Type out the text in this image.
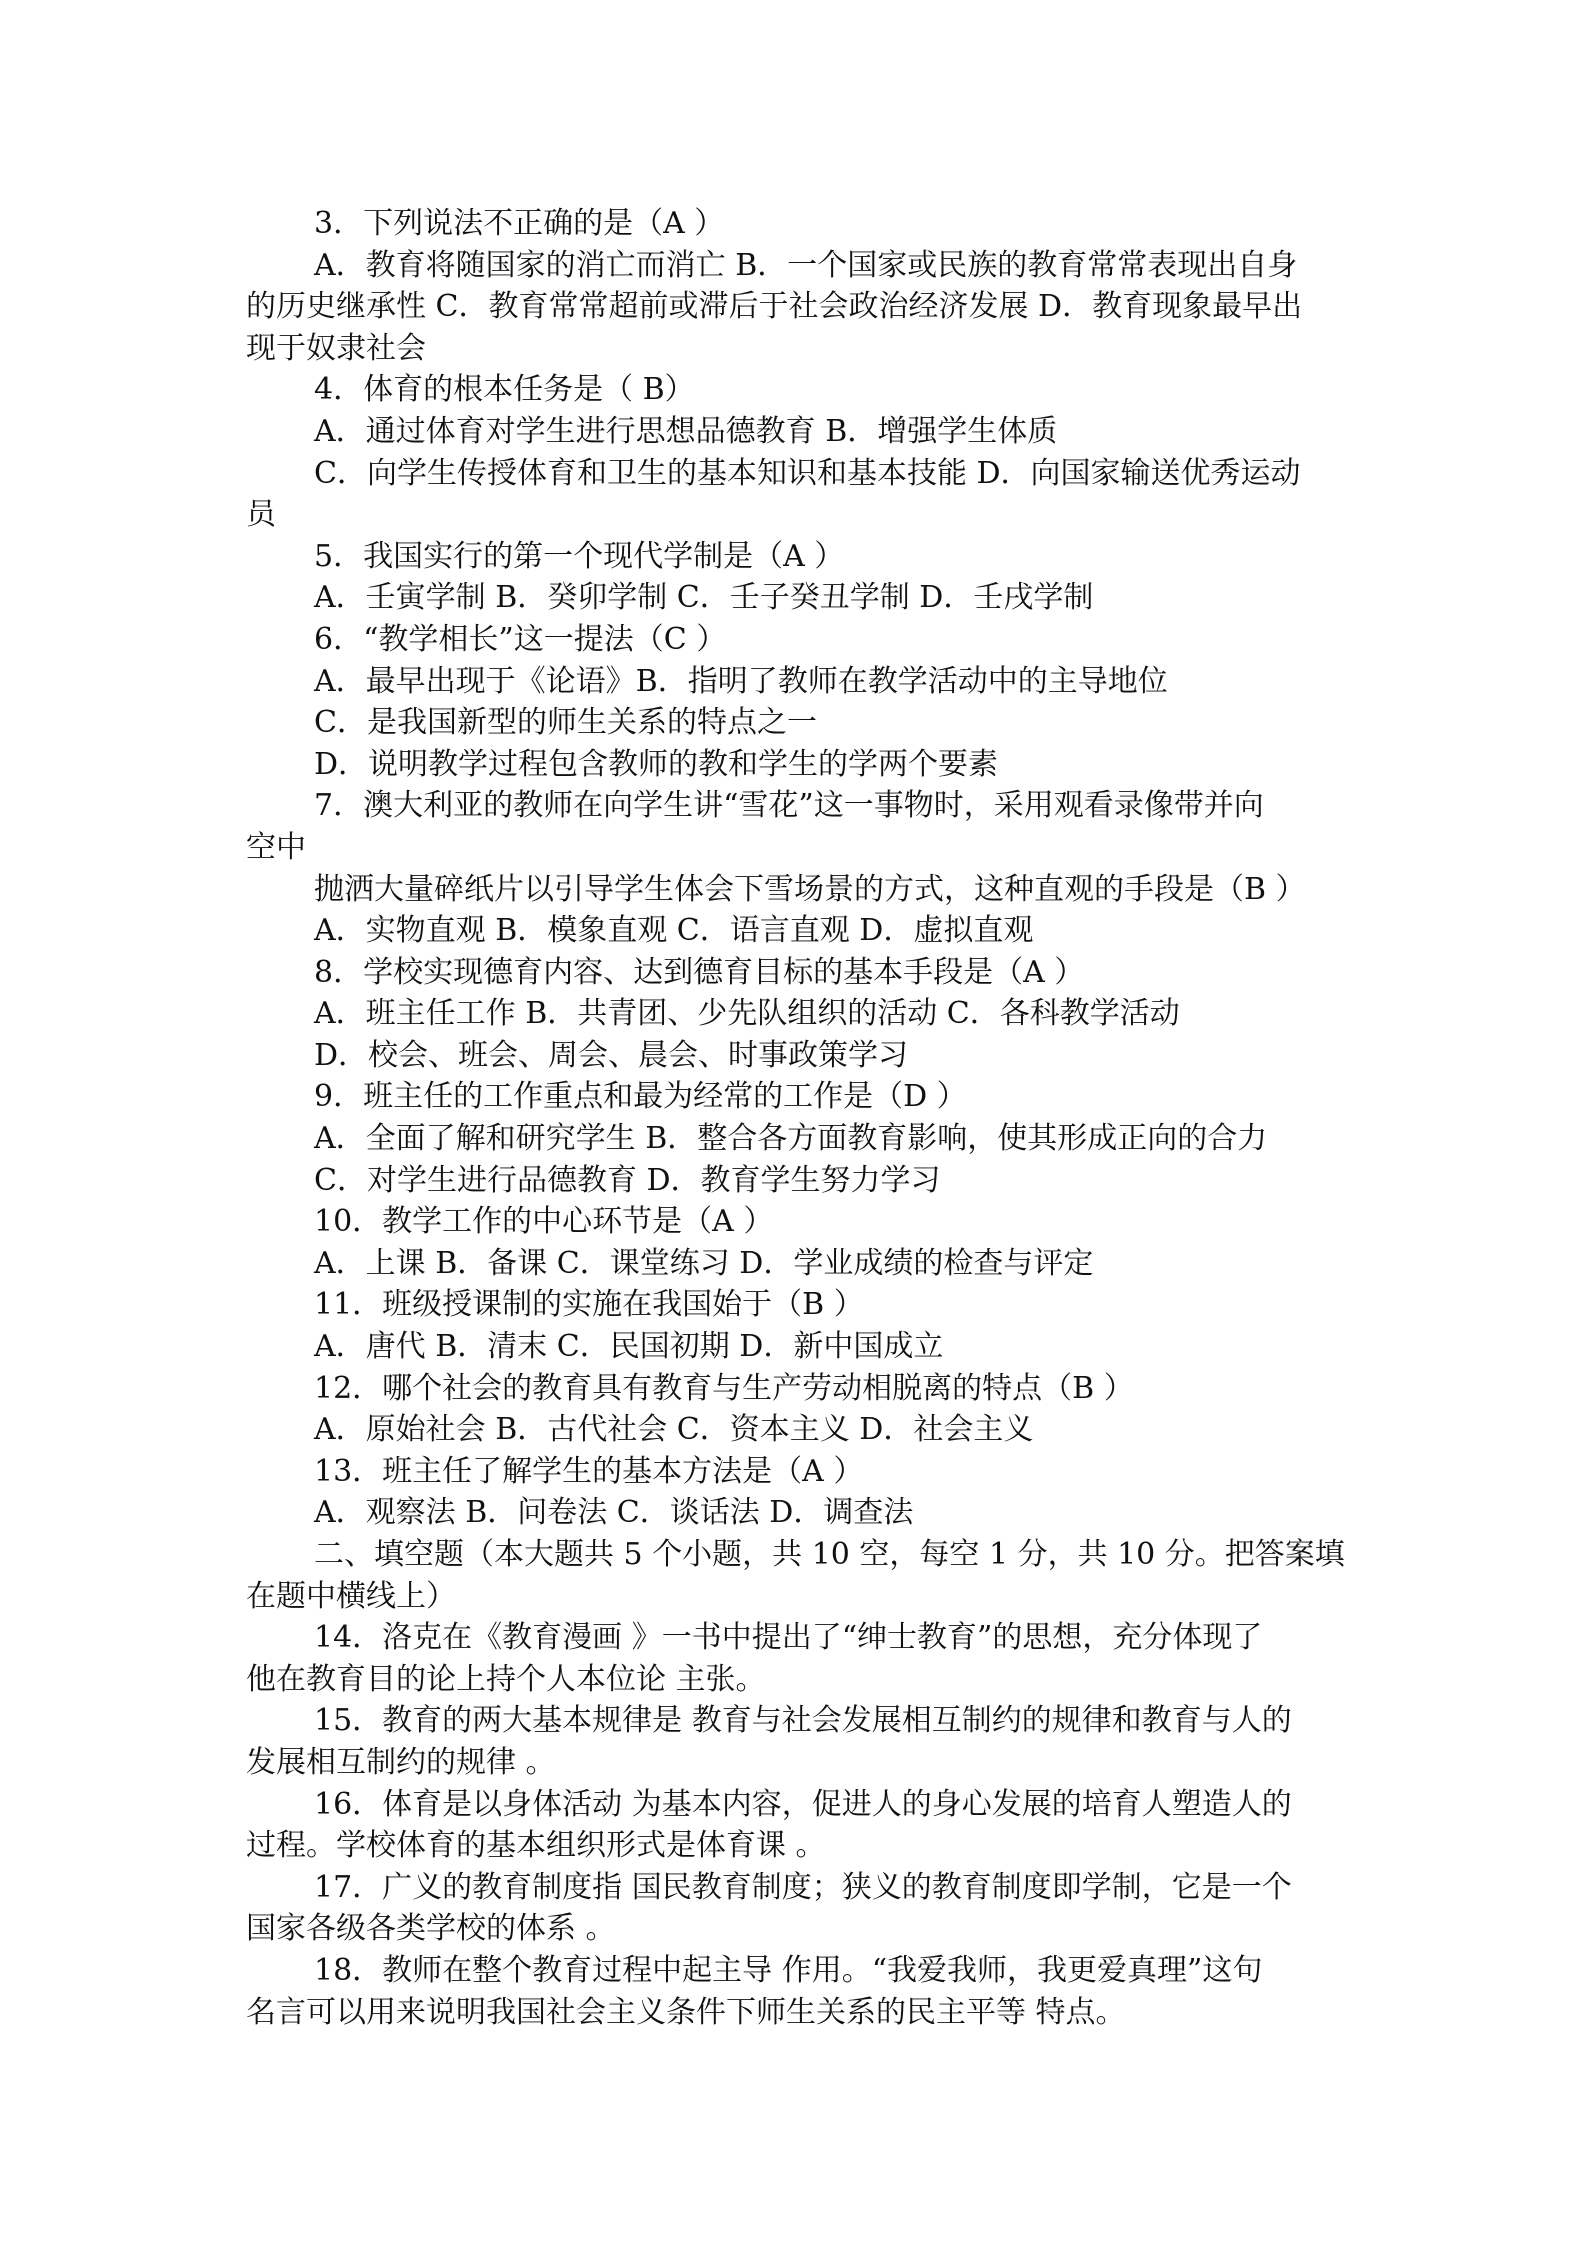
3．下列说法不正确的是（A ）
A．教育将随国家的消亡而消亡 B．一个国家或民族的教育常常表现出自身
的历史继承性 C．教育常常超前或滞后于社会政治经济发展 D．教育现象最早出
现于奴隶社会
4．体育的根本任务是（ B）
A．通过体育对学生进行思想品德教育 B．增强学生体质
C．向学生传授体育和卫生的基本知识和基本技能 D．向国家输送优秀运动
员
5．我国实行的第一个现代学制是（A ）
A．壬寅学制 B．癸卯学制 C．壬子癸丑学制 D．壬戌学制
6．“教学相长”这一提法（C ）
A．最早出现于《论语》B．指明了教师在教学活动中的主导地位
C．是我国新型的师生关系的特点之一
D．说明教学过程包含教师的教和学生的学两个要素
7．澳大利亚的教师在向学生讲“雪花”这一事物时，采用观看录像带并向
空中
抛洒大量碎纸片以引导学生体会下雪场景的方式，这种直观的手段是（B ）
A．实物直观 B．模象直观 C．语言直观 D．虚拟直观
8．学校实现德育内容、达到德育目标的基本手段是（A ）
A．班主任工作 B．共青团、少先队组织的活动 C．各科教学活动
D．校会、班会、周会、晨会、时事政策学习
9．班主任的工作重点和最为经常的工作是（D ）
A．全面了解和研究学生 B．整合各方面教育影响，使其形成正向的合力
C．对学生进行品德教育 D．教育学生努力学习
10．教学工作的中心环节是（A ）
A．上课 B．备课 C．课堂练习 D．学业成绩的检查与评定
11．班级授课制的实施在我国始于（B ）
A．唐代 B．清末 C．民国初期 D．新中国成立
12．哪个社会的教育具有教育与生产劳动相脱离的特点（B ）
A．原始社会 B．古代社会 C．资本主义 D．社会主义
13．班主任了解学生的基本方法是（A ）
A．观察法 B．问卷法 C．谈话法 D．调查法
二、填空题（本大题共 5 个小题，共 10 空，每空 1 分，共 10 分。把答案填
在题中横线上）
14．洛克在《教育漫画 》一书中提出了“绅士教育”的思想，充分体现了
他在教育目的论上持个人本位论 主张。
15．教育的两大基本规律是 教育与社会发展相互制约的规律和教育与人的
发展相互制约的规律 。
16．体育是以身体活动 为基本内容，促进人的身心发展的培育人塑造人的
过程。学校体育的基本组织形式是体育课 。
17．广义的教育制度指 国民教育制度；狭义的教育制度即学制，它是一个
国家各级各类学校的体系 。
18．教师在整个教育过程中起主导 作用。“我爱我师，我更爱真理”这句
名言可以用来说明我国社会主义条件下师生关系的民主平等 特点。
